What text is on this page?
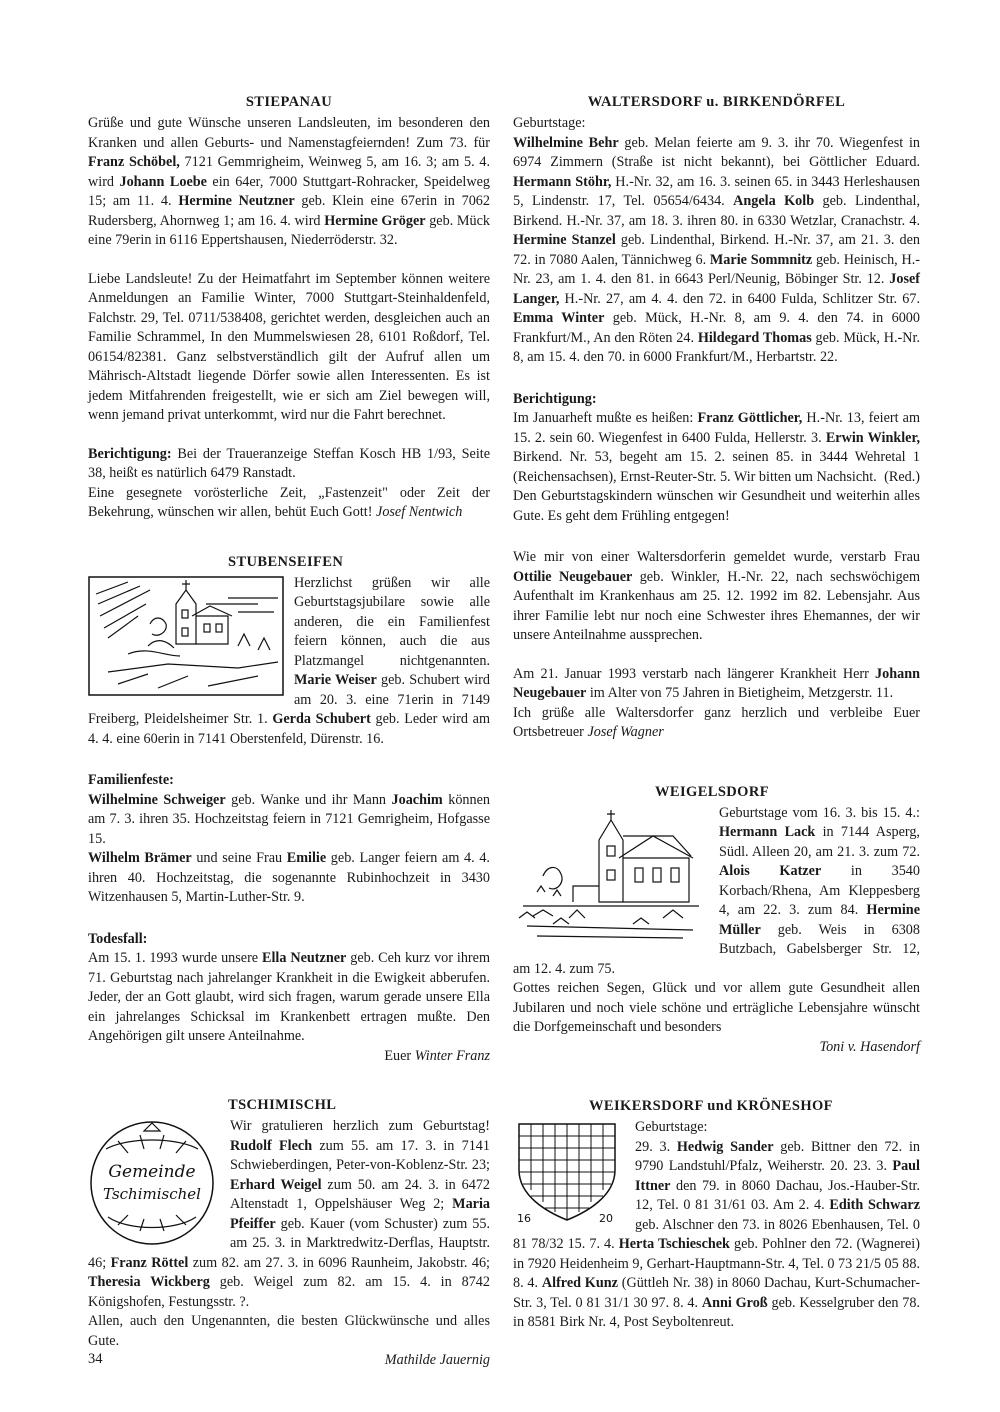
STIEPANAU

Grüße und gute Wünsche unseren Landsleuten, im besonderen den Kranken und allen Geburts- und Namenstagfeiernden! Zum 73. für Franz Schöbel, 7121 Gemmrigheim, Weinweg 5, am 16. 3; am 5. 4. wird Johann Loebe ein 64er, 7000 Stuttgart-Rohracker, Speidelweg 15; am 11. 4. Hermine Neutzner geb. Klein eine 67erin in 7062 Rudersberg, Ahornweg 1; am 16. 4. wird Hermine Gröger geb. Mück eine 79erin in 6116 Eppertshausen, Niederröderstr. 32.

Liebe Landsleute! Zu der Heimatfahrt im September können weitere Anmeldungen an Familie Winter, 7000 Stuttgart-Steinhaldenfeld, Falchstr. 29, Tel. 0711/538408, gerichtet werden, desgleichen auch an Familie Schrammel, In den Mummelswiesen 28, 6101 Roßdorf, Tel. 06154/82381. Ganz selbstverständlich gilt der Aufruf allen um Mährisch-Altstadt liegende Dörfer sowie allen Interessenten. Es ist jedem Mitfahrenden freigestellt, wie er sich am Ziel bewegen will, wenn jemand privat unterkommt, wird nur die Fahrt berechnet.

Berichtigung: Bei der Traueranzeige Steffan Kosch HB 1/93, Seite 38, heißt es natürlich 6479 Ranstadt.

Eine gesegnete vorösterliche Zeit, „Fastenzeit" oder Zeit der Bekehrung, wünschen wir allen, behüt Euch Gott! Josef Nentwich

STUBENSEIFEN

Herzlichst grüßen wir alle Geburtstagsjubilare sowie alle anderen, die ein Familienfest feiern können, auch die aus Platzmangel nichtgenannten. Marie Weiser geb. Schubert wird am 20. 3. eine 71erin in 7149 Freiberg, Pleidelsheimer Str. 1. Gerda Schubert geb. Leder wird am 4. 4. eine 60erin in 7141 Oberstenfeld, Dürenstr. 16.

Familienfeste:

Wilhelmine Schweiger geb. Wanke und ihr Mann Joachim können am 7. 3. ihren 35. Hochzeitstag feiern in 7121 Gemrigheim, Hofgasse 15.

Wilhelm Brämer und seine Frau Emilie geb. Langer feiern am 4. 4. ihren 40. Hochzeitstag, die sogenannte Rubinhochzeit in 3430 Witzenhausen 5, Martin-Luther-Str. 9.

Todesfall:

Am 15. 1. 1993 wurde unsere Ella Neutzner geb. Ceh kurz vor ihrem 71. Geburtstag nach jahrelanger Krankheit in die Ewigkeit abberufen. Jeder, der an Gott glaubt, wird sich fragen, warum gerade unsere Ella ein jahrelanges Schicksal im Krankenbett ertragen mußte. Den Angehörigen gilt unsere Anteilnahme.

Euer Winter Franz

TSCHIMISCHL
Gemeinde
Tschimischel

Wir gratulieren herzlich zum Geburtstag! Rudolf Flech zum 55. am 17. 3. in 7141 Schwieberdingen, Peter-von-Koblenz-Str. 23; Erhard Weigel zum 50. am 24. 3. in 6472 Altenstadt 1, Oppelshäuser Weg 2; Maria Pfeiffer geb. Kauer (vom Schuster) zum 55. am 25. 3. in Marktredwitz-Derflas, Hauptstr. 46; Franz Röttel zum 82. am 27. 3. in 6096 Raunheim, Jakobstr. 46; Theresia Wickberg geb. Weigel zum 82. am 15. 4. in 8742 Königshofen, Festungsstr. ?.

Allen, auch den Ungenannten, die besten Glückwünsche und alles Gute.

Mathilde Jauernig

WALTERSDORF u. BIRKENDÖRFEL

Geburtstage:

Wilhelmine Behr geb. Melan feierte am 9. 3. ihr 70. Wiegenfest in 6974 Zimmern (Straße ist nicht bekannt), bei Göttlicher Eduard. Hermann Stöhr, H.-Nr. 32, am 16. 3. seinen 65. in 3443 Herleshausen 5, Lindenstr. 17, Tel. 05654/6434. Angela Kolb geb. Lindenthal, Birkend. H.-Nr. 37, am 18. 3. ihren 80. in 6330 Wetzlar, Cranachstr. 4. Hermine Stanzel geb. Lindenthal, Birkend. H.-Nr. 37, am 21. 3. den 72. in 7080 Aalen, Tännichweg 6. Marie Sommnitz geb. Heinisch, H.-Nr. 23, am 1. 4. den 81. in 6643 Perl/Neunig, Böbinger Str. 12. Josef Langer, H.-Nr. 27, am 4. 4. den 72. in 6400 Fulda, Schlitzer Str. 67. Emma Winter geb. Mück, H.-Nr. 8, am 9. 4. den 74. in 6000 Frankfurt/M., An den Röten 24. Hildegard Thomas geb. Mück, H.-Nr. 8, am 15. 4. den 70. in 6000 Frankfurt/M., Herbartstr. 22.

Berichtigung:

Im Januarheft mußte es heißen: Franz Göttlicher, H.-Nr. 13, feiert am 15. 2. sein 60. Wiegenfest in 6400 Fulda, Hellerstr. 3. Erwin Winkler, Birkend. Nr. 53, begeht am 15. 2. seinen 85. in 3444 Wehretal 1 (Reichensachsen), Ernst-Reuter-Str. 5. Wir bitten um Nachsicht. (Red.)

Den Geburtstagskindern wünschen wir Gesundheit und weiterhin alles Gute. Es geht dem Frühling entgegen!

Wie mir von einer Waltersdorferin gemeldet wurde, verstarb Frau Ottilie Neugebauer geb. Winkler, H.-Nr. 22, nach sechswöchigem Aufenthalt im Krankenhaus am 25. 12. 1992 im 82. Lebensjahr. Aus ihrer Familie lebt nur noch eine Schwester ihres Ehemannes, der wir unsere Anteilnahme aussprechen.

Am 21. Januar 1993 verstarb nach längerer Krankheit Herr Johann Neugebauer im Alter von 75 Jahren in Bietigheim, Metzgerstr. 11.

Ich grüße alle Waltersdorfer ganz herzlich und verbleibe Euer Ortsbetreuer Josef Wagner

WEIGELSDORF

Geburtstage vom 16. 3. bis 15. 4.: Hermann Lack in 7144 Asperg, Südl. Alleen 20, am 21. 3. zum 72. Alois Katzer in 3540 Korbach/Rhena, Am Kleppesberg 4, am 22. 3. zum 84. Hermine Müller geb. Weis in 6308 Butzbach, Gabelsberger Str. 12, am 12. 4. zum 75.

Gottes reichen Segen, Glück und vor allem gute Gesundheit allen Jubilaren und noch viele schöne und erträgliche Lebensjahre wünscht die Dorfgemeinschaft und besonders

Toni v. Hasendorf

WEIKERSDORF und KRÖNESHOF
16	20

Geburtstage:

29. 3. Hedwig Sander geb. Bittner den 72. in 9790 Landstuhl/Pfalz, Weiherstr. 20. 23. 3. Paul Ittner den 79. in 8060 Dachau, Jos.-Hauber-Str. 12, Tel. 0 81 31/61 03. Am 2. 4. Edith Schwarz geb. Alschner den 73. in 8026 Ebenhausen, Tel. 0 81 78/32 15. 7. 4. Herta Tschieschek geb. Pohlner den 72. (Wagnerei) in 7920 Heidenheim 9, Gerhart-Hauptmann-Str. 4, Tel. 0 73 21/5 05 88. 8. 4. Alfred Kunz (Güttleh Nr. 38) in 8060 Dachau, Kurt-Schumacher-Str. 3, Tel. 0 81 31/1 30 97. 8. 4. Anni Groß geb. Kesselgruber den 78. in 8581 Birk Nr. 4, Post Seyboltenreut.

34
